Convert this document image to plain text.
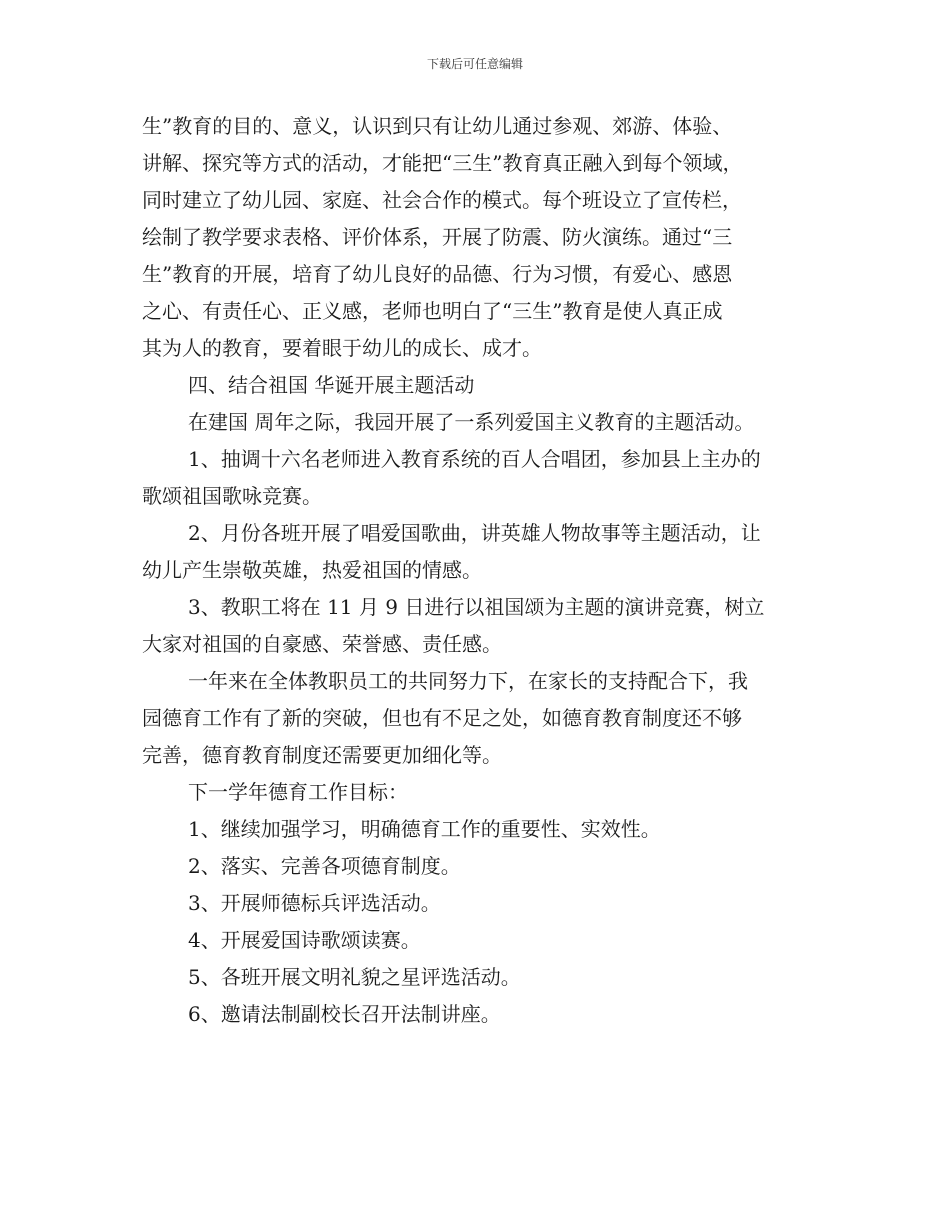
下载后可任意编辑
生”教育的目的、意义，认识到只有让幼儿通过参观、郊游、体验、
讲解、探究等方式的活动，才能把“三生”教育真正融入到每个领域，
同时建立了幼儿园、家庭、社会合作的模式。每个班设立了宣传栏，
绘制了教学要求表格、评价体系，开展了防震、防火演练。通过“三
生”教育的开展，培育了幼儿良好的品德、行为习惯，有爱心、感恩
之心、有责任心、正义感，老师也明白了“三生”教育是使人真正成
其为人的教育，要着眼于幼儿的成长、成才。
四、结合祖国 华诞开展主题活动
在建国 周年之际，我园开展了一系列爱国主义教育的主题活动。
1、抽调十六名老师进入教育系统的百人合唱团，参加县上主办的
歌颂祖国歌咏竞赛。
2、月份各班开展了唱爱国歌曲，讲英雄人物故事等主题活动，让
幼儿产生崇敬英雄，热爱祖国的情感。
3、教职工将在 11 月 9 日进行以祖国颂为主题的演讲竞赛，树立
大家对祖国的自豪感、荣誉感、责任感。
一年来在全体教职员工的共同努力下，在家长的支持配合下，我
园德育工作有了新的突破，但也有不足之处，如德育教育制度还不够
完善，德育教育制度还需要更加细化等。
下一学年德育工作目标：
1、继续加强学习，明确德育工作的重要性、实效性。
2、落实、完善各项德育制度。
3、开展师德标兵评选活动。
4、开展爱国诗歌颂读赛。
5、各班开展文明礼貌之星评选活动。
6、邀请法制副校长召开法制讲座。
